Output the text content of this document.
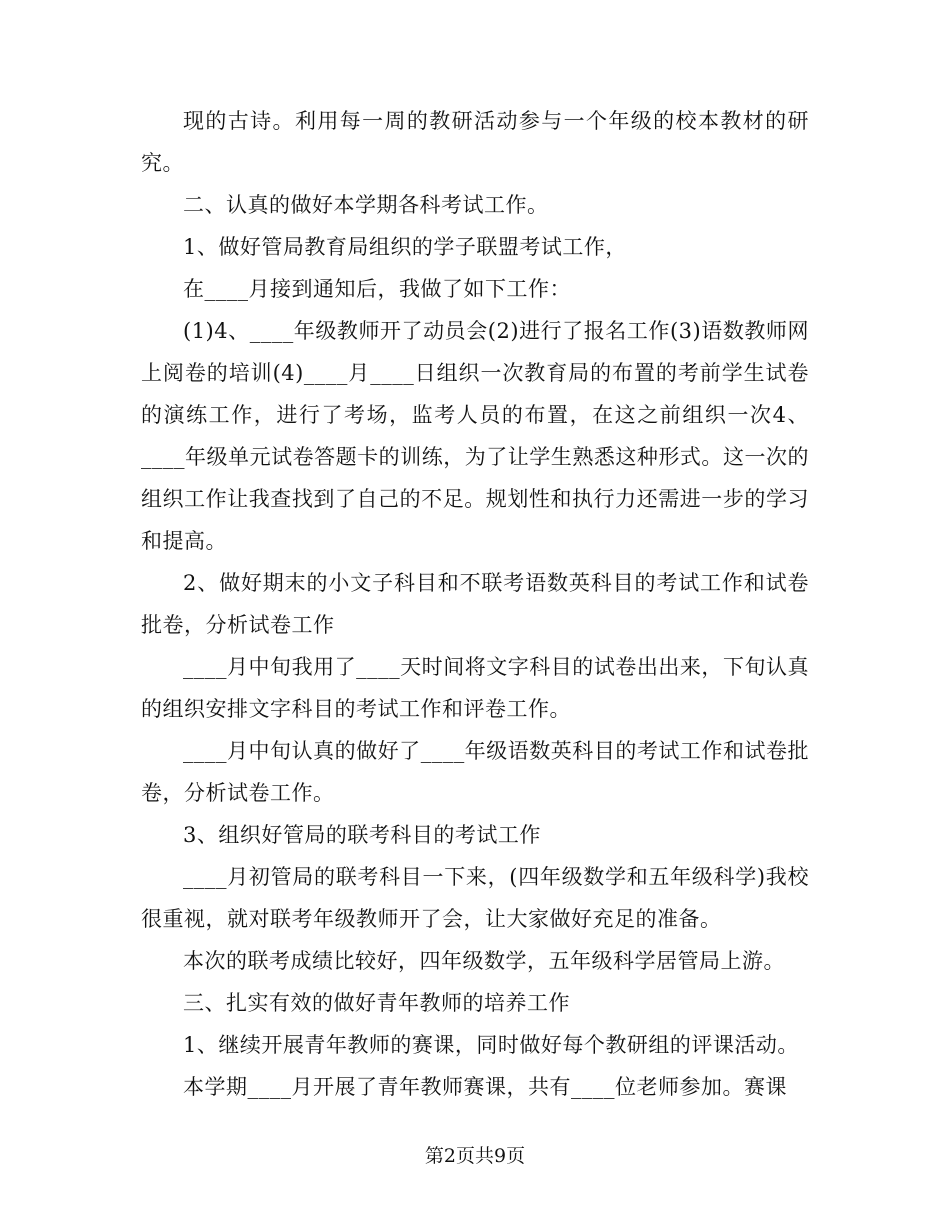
现的古诗。利用每一周的教研活动参与一个年级的校本教材的研究。

二、认真的做好本学期各科考试工作。

1、做好管局教育局组织的学子联盟考试工作，

在____月接到通知后，我做了如下工作：

(1)4、____年级教师开了动员会(2)进行了报名工作(3)语数教师网上阅卷的培训(4)____月____日组织一次教育局的布置的考前学生试卷的演练工作，进行了考场，监考人员的布置，在这之前组织一次4、____年级单元试卷答题卡的训练，为了让学生熟悉这种形式。这一次的组织工作让我查找到了自己的不足。规划性和执行力还需进一步的学习和提高。

2、做好期末的小文子科目和不联考语数英科目的考试工作和试卷批卷，分析试卷工作

____月中旬我用了____天时间将文字科目的试卷出出来，下旬认真的组织安排文字科目的考试工作和评卷工作。

____月中旬认真的做好了____年级语数英科目的考试工作和试卷批卷，分析试卷工作。

3、组织好管局的联考科目的考试工作

____月初管局的联考科目一下来，(四年级数学和五年级科学)我校很重视，就对联考年级教师开了会，让大家做好充足的准备。

本次的联考成绩比较好，四年级数学，五年级科学居管局上游。

三、扎实有效的做好青年教师的培养工作

1、继续开展青年教师的赛课，同时做好每个教研组的评课活动。

本学期____月开展了青年教师赛课，共有____位老师参加。赛课

第2页共9页
